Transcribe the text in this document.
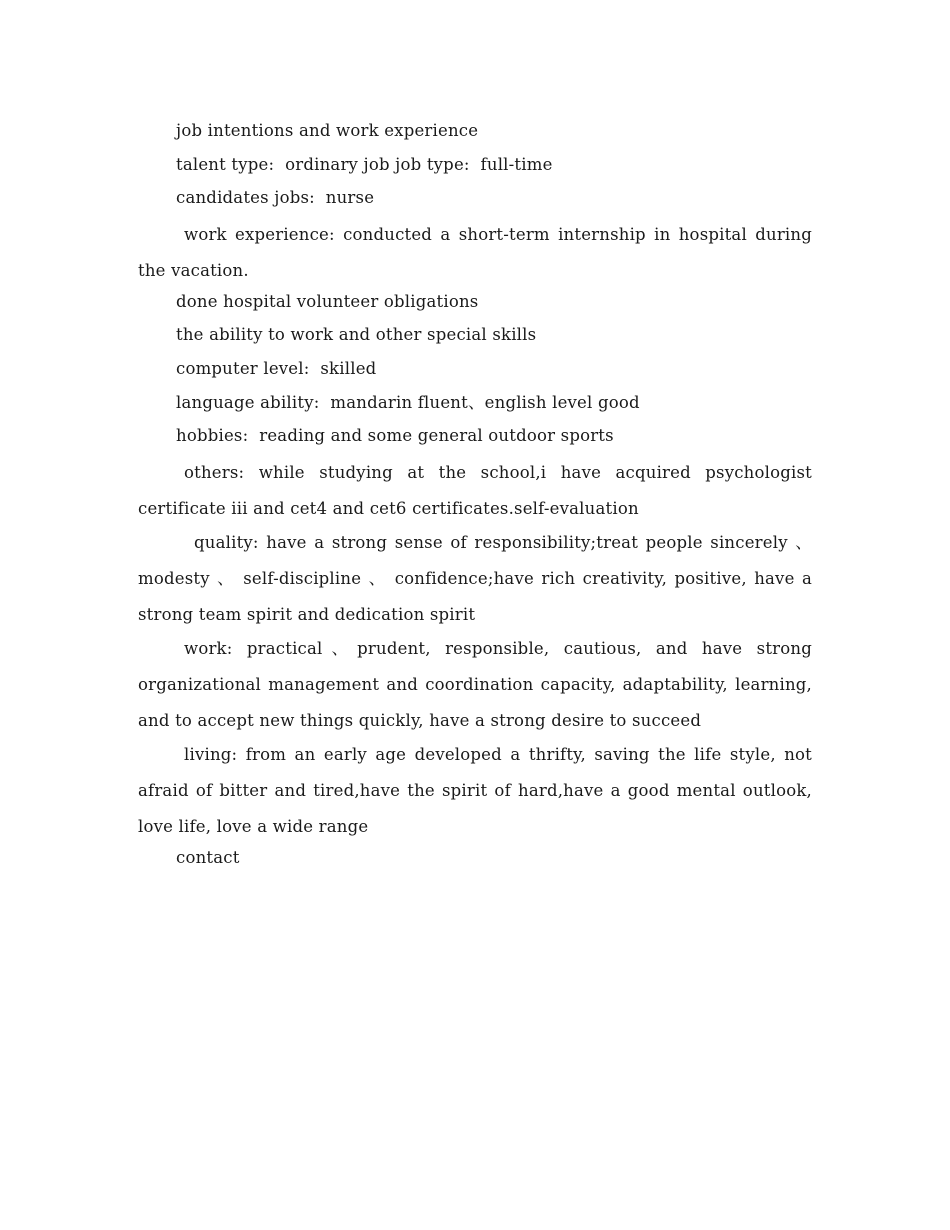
job intentions and work experience
talent type:  ordinary job job type:  full-time
candidates jobs:  nurse
work experience: conducted a short-term internship in hospital during the vacation.
done hospital volunteer obligations
the ability to work and other special skills
computer level:  skilled
language ability:  mandarin fluent、english level good
hobbies:  reading and some general outdoor sports
others: while studying at the school,i have acquired psychologist certificate iii and cet4 and cet6 certificates.self-evaluation
quality: have a strong sense of responsibility;treat people sincerely 、 modesty 、 self-discipline 、 confidence;have rich creativity, positive, have a strong team spirit and dedication spirit
work: practical、prudent, responsible, cautious, and have strong organizational management and coordination capacity, adaptability, learning, and to accept new things quickly, have a strong desire to succeed
living: from an early age developed a thrifty, saving the life style, not afraid of bitter and tired,have the spirit of hard,have a good mental outlook, love life, love a wide range
contact
